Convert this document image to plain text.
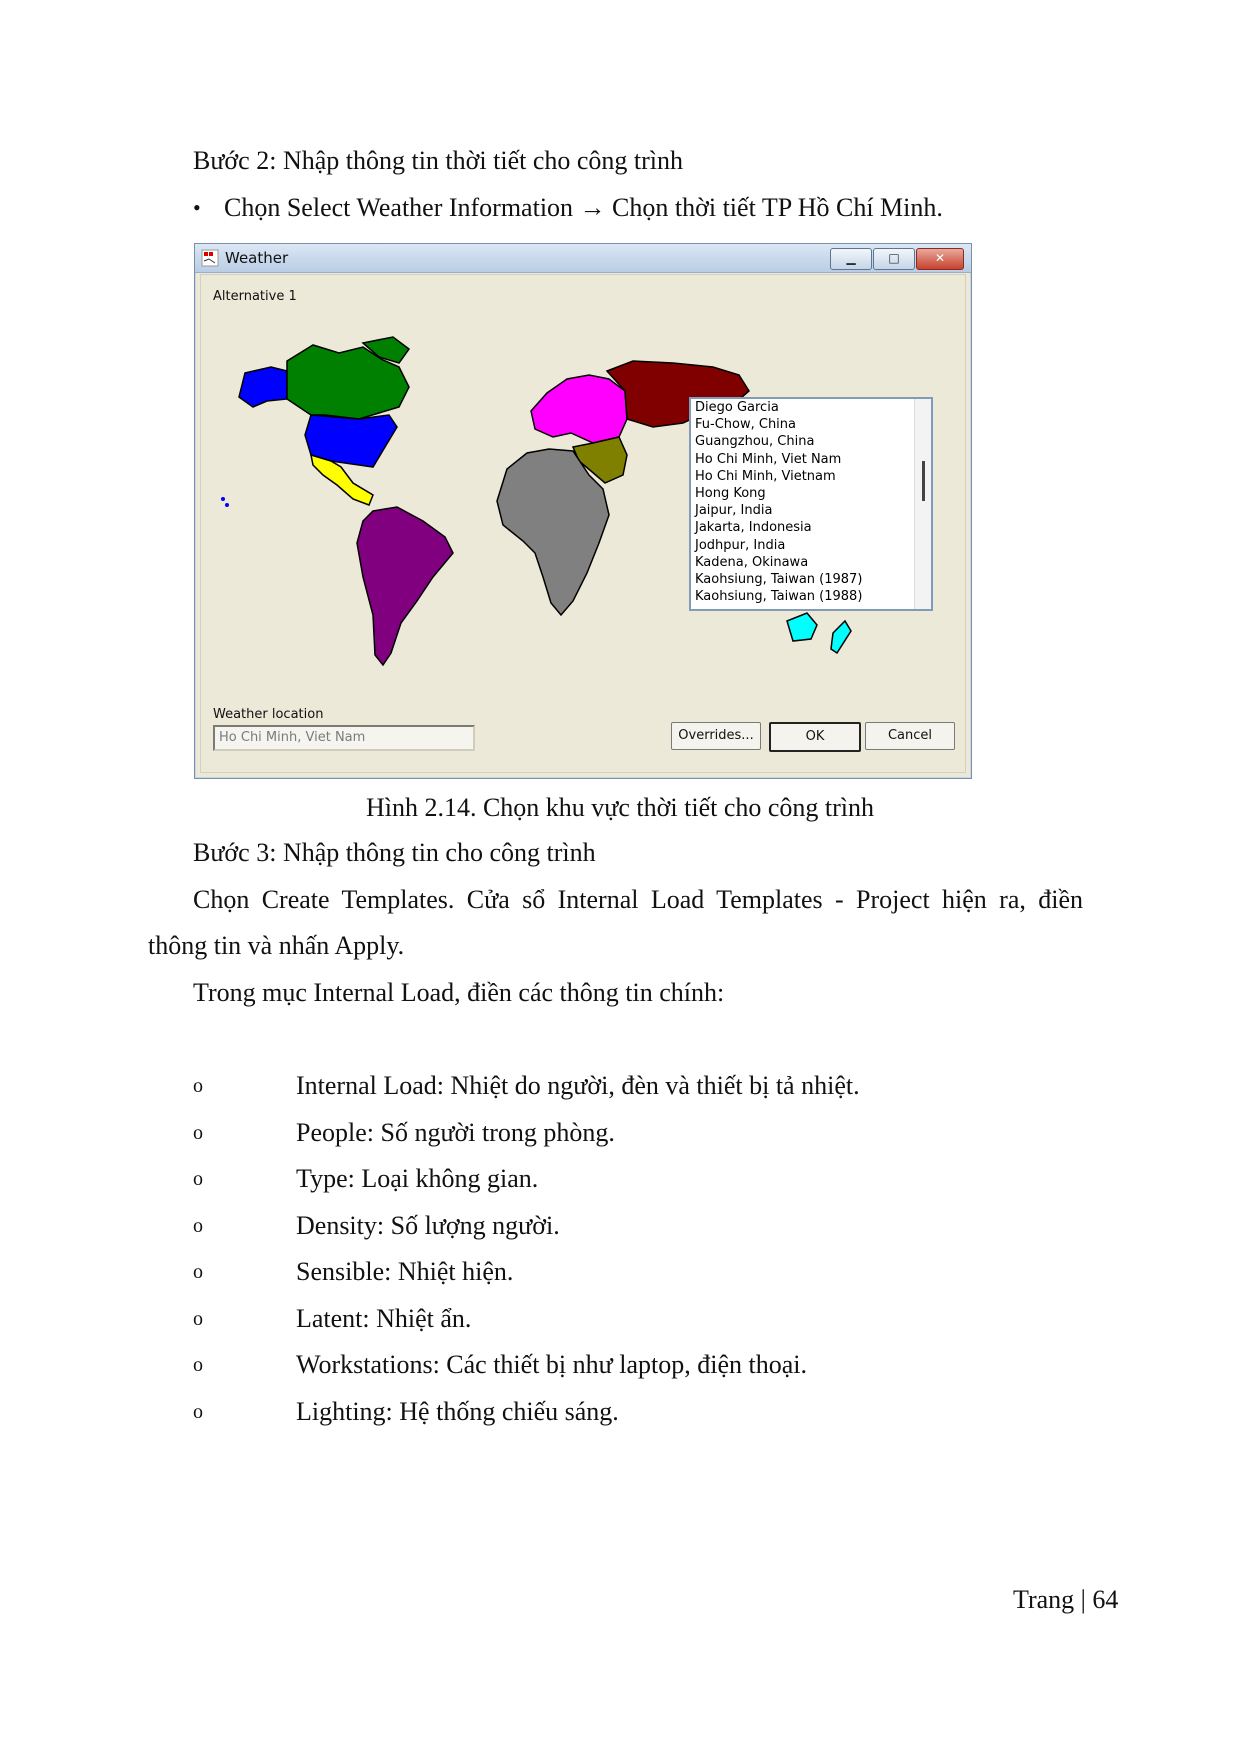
Bước 2: Nhập thông tin thời tiết cho công trình
• Chọn Select Weather Information → Chọn thời tiết TP Hồ Chí Minh.
Weather	▁	□	✕
Alternative 1
Diego Garcia
Fu-Chow, China
Guangzhou, China
Ho Chi Minh, Viet Nam
Ho Chi Minh, Vietnam
Hong Kong
Jaipur, India
Jakarta, Indonesia
Jodhpur, India
Kadena, Okinawa
Kaohsiung, Taiwan (1987)
Kaohsiung, Taiwan (1988)
Weather location
Ho Chi Minh, Viet Nam	Overrides...	OK	Cancel
Hình 2.14. Chọn khu vực thời tiết cho công trình
Bước 3: Nhập thông tin cho công trình
Chọn Create Templates. Cửa sổ Internal Load Templates - Project hiện ra, điền
thông tin và nhấn Apply.
Trong mục Internal Load, điền các thông tin chính:
o	Internal Load: Nhiệt do người, đèn và thiết bị tả nhiệt.
o	People: Số người trong phòng.
o	Type: Loại không gian.
o	Density: Số lượng người.
o	Sensible: Nhiệt hiện.
o	Latent: Nhiệt ẩn.
o	Workstations: Các thiết bị như laptop, điện thoại.
o	Lighting: Hệ thống chiếu sáng.
Trang | 64
